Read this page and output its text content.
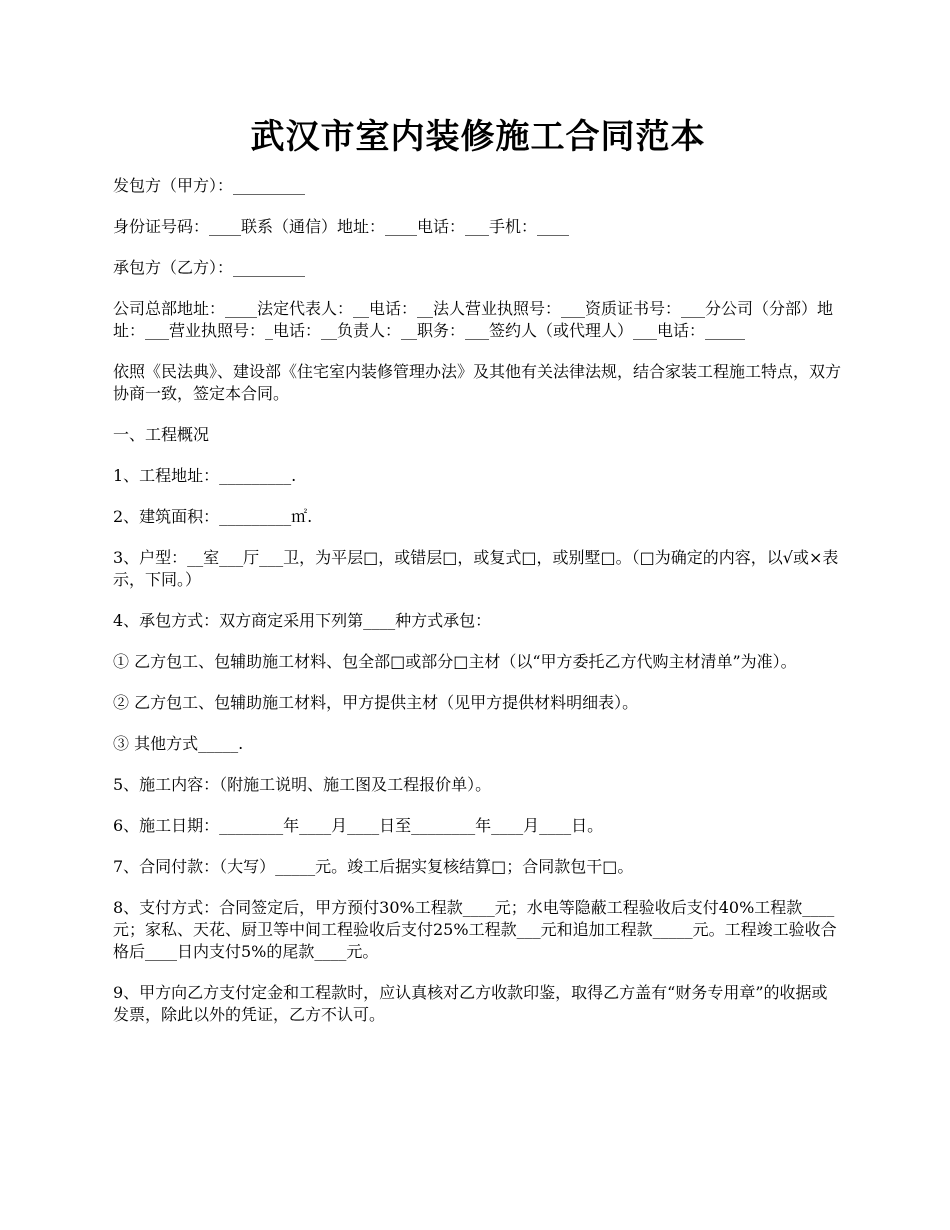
武汉市室内装修施工合同范本

发包方（甲方）：_________

身份证号码：____联系（通信）地址：____电话：___手机：____

承包方（乙方）：_________

公司总部地址：____法定代表人：__电话：__法人营业执照号：___资质证书号：___分公司（分部）地址：___营业执照号：_电话：__负责人：__职务：___签约人（或代理人）___电话：_____

依照《民法典》、建设部《住宅室内装修管理办法》及其他有关法律法规，结合家装工程施工特点，双方协商一致，签定本合同。

一、工程概况

1、工程地址：_________.

2、建筑面积：_________㎡.

3、户型：__室___厅___卫，为平层□，或错层□，或复式□，或别墅□。（□为确定的内容，以√或×表示，下同。）

4、承包方式：双方商定采用下列第____种方式承包：

① 乙方包工、包辅助施工材料、包全部□或部分□主材（以“甲方委托乙方代购主材清单”为准）。

② 乙方包工、包辅助施工材料，甲方提供主材（见甲方提供材料明细表）。

③ 其他方式_____.

5、施工内容：（附施工说明、施工图及工程报价单）。

6、施工日期：________年____月____日至________年____月____日。

7、合同付款：（大写）_____元。竣工后据实复核结算□；合同款包干□。

8、支付方式：合同签定后，甲方预付30%工程款____元；水电等隐蔽工程验收后支付40%工程款____元；家私、天花、厨卫等中间工程验收后支付25%工程款___元和追加工程款_____元。工程竣工验收合格后____日内支付5%的尾款____元。

9、甲方向乙方支付定金和工程款时，应认真核对乙方收款印鉴，取得乙方盖有“财务专用章”的收据或发票，除此以外的凭证，乙方不认可。
